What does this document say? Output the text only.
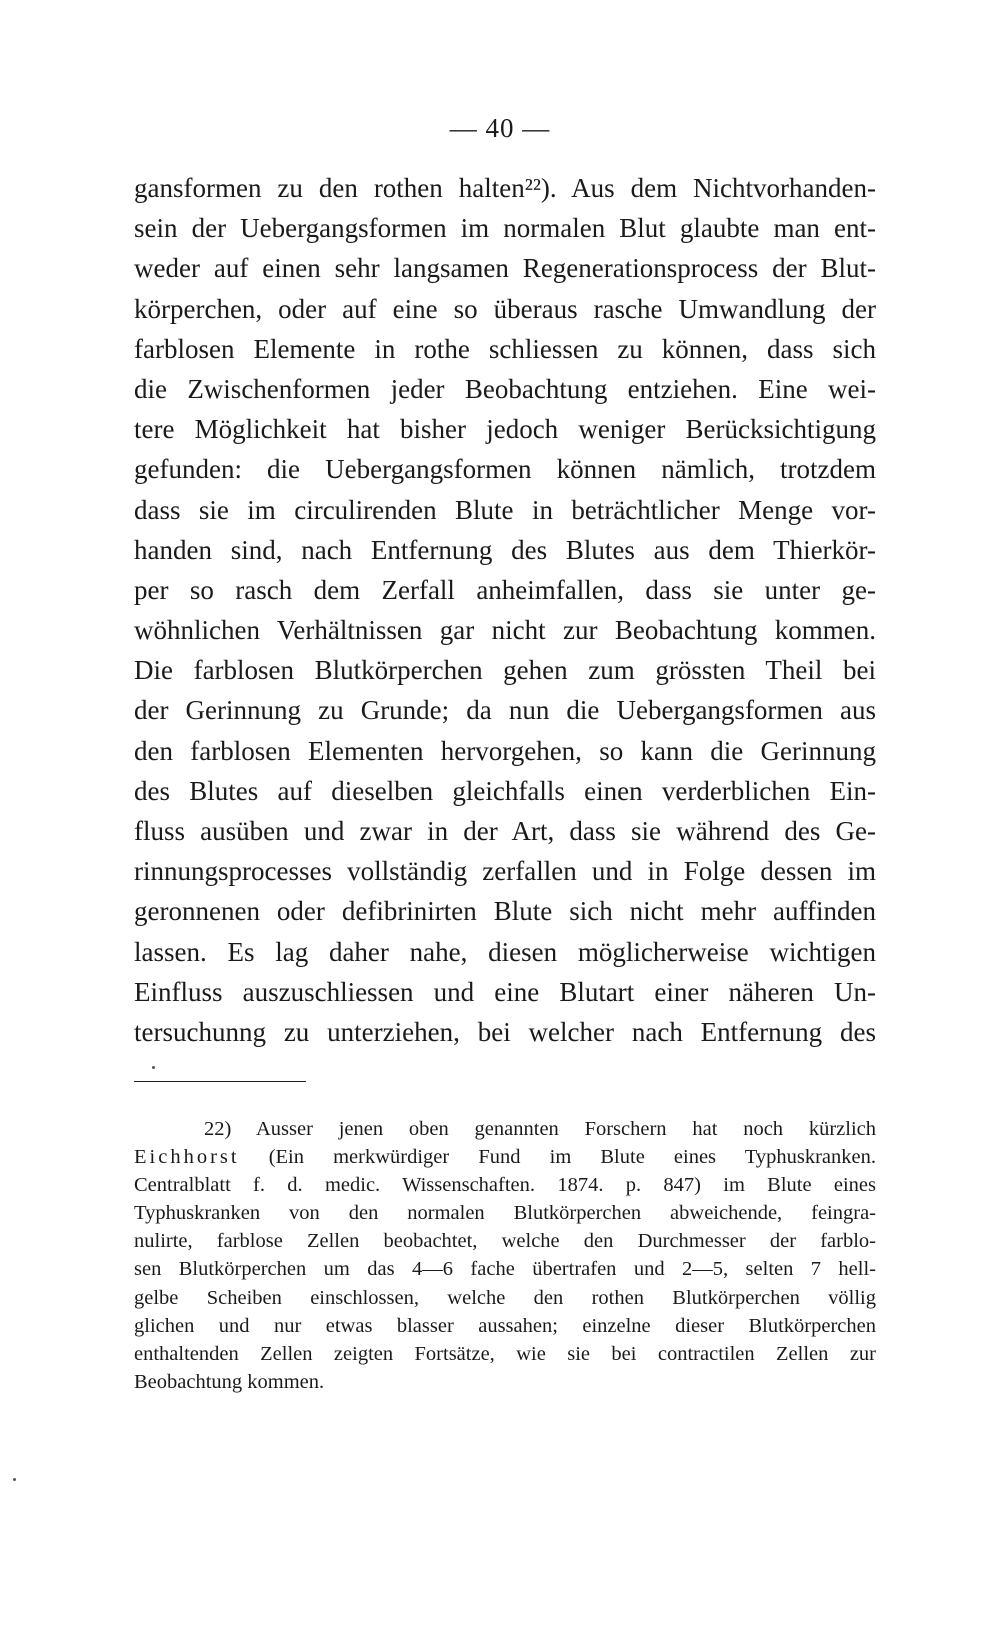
— 40 —
gansformen zu den rothen halten²²). Aus dem Nichtvorhanden-
sein der Uebergangsformen im normalen Blut glaubte man ent-
weder auf einen sehr langsamen Regenerationsprocess der Blut-
körperchen, oder auf eine so überaus rasche Umwandlung der
farblosen Elemente in rothe schliessen zu können, dass sich
die Zwischenformen jeder Beobachtung entziehen. Eine wei-
tere Möglichkeit hat bisher jedoch weniger Berücksichtigung
gefunden: die Uebergangsformen können nämlich, trotzdem
dass sie im circulirenden Blute in beträchtlicher Menge vor-
handen sind, nach Entfernung des Blutes aus dem Thierkör-
per so rasch dem Zerfall anheimfallen, dass sie unter ge-
wöhnlichen Verhältnissen gar nicht zur Beobachtung kommen.
Die farblosen Blutkörperchen gehen zum grössten Theil bei
der Gerinnung zu Grunde; da nun die Uebergangsformen aus
den farblosen Elementen hervorgehen, so kann die Gerinnung
des Blutes auf dieselben gleichfalls einen verderblichen Ein-
fluss ausüben und zwar in der Art, dass sie während des Ge-
rinnungsprocesses vollständig zerfallen und in Folge dessen im
geronnenen oder defibrinirten Blute sich nicht mehr auffinden
lassen. Es lag daher nahe, diesen möglicherweise wichtigen
Einfluss auszuschliessen und eine Blutart einer näheren Un-
tersuchunng zu unterziehen, bei welcher nach Entfernung des
22) Ausser jenen oben genannten Forschern hat noch kürzlich
Eichhorst (Ein merkwürdiger Fund im Blute eines Typhuskranken.
Centralblatt f. d. medic. Wissenschaften. 1874. p. 847) im Blute eines
Typhuskranken von den normalen Blutkörperchen abweichende, feingra-
nulirte, farblose Zellen beobachtet, welche den Durchmesser der farblo-
sen Blutkörperchen um das 4—6 fache übertrafen und 2—5, selten 7 hell-
gelbe Scheiben einschlossen, welche den rothen Blutkörperchen völlig
glichen und nur etwas blasser aussahen; einzelne dieser Blutkörperchen
enthaltenden Zellen zeigten Fortsätze, wie sie bei contractilen Zellen zur
Beobachtung kommen.
